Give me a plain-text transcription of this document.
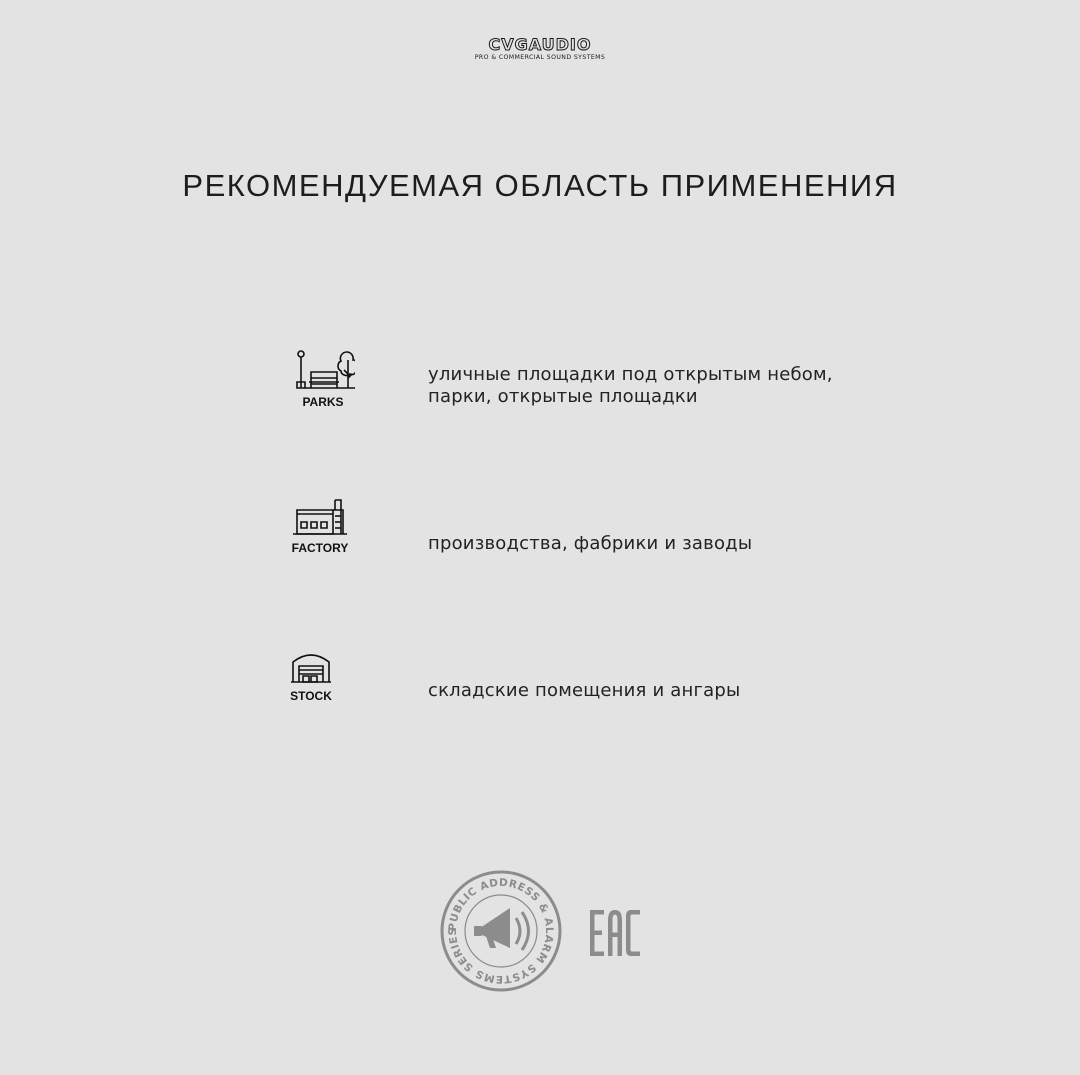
CVGAUDIO
PRO & COMMERCIAL SOUND SYSTEMS
РЕКОМЕНДУЕМАЯ ОБЛАСТЬ ПРИМЕНЕНИЯ
PARKS
уличные площадки под открытым небом,
парки, открытые площадки
FACTORY	производства, фабрики и заводы
STOCK	складские помещения и ангары
PUBLIC ADDRESS & ALARM SYSTEMS SERIES
EAC
